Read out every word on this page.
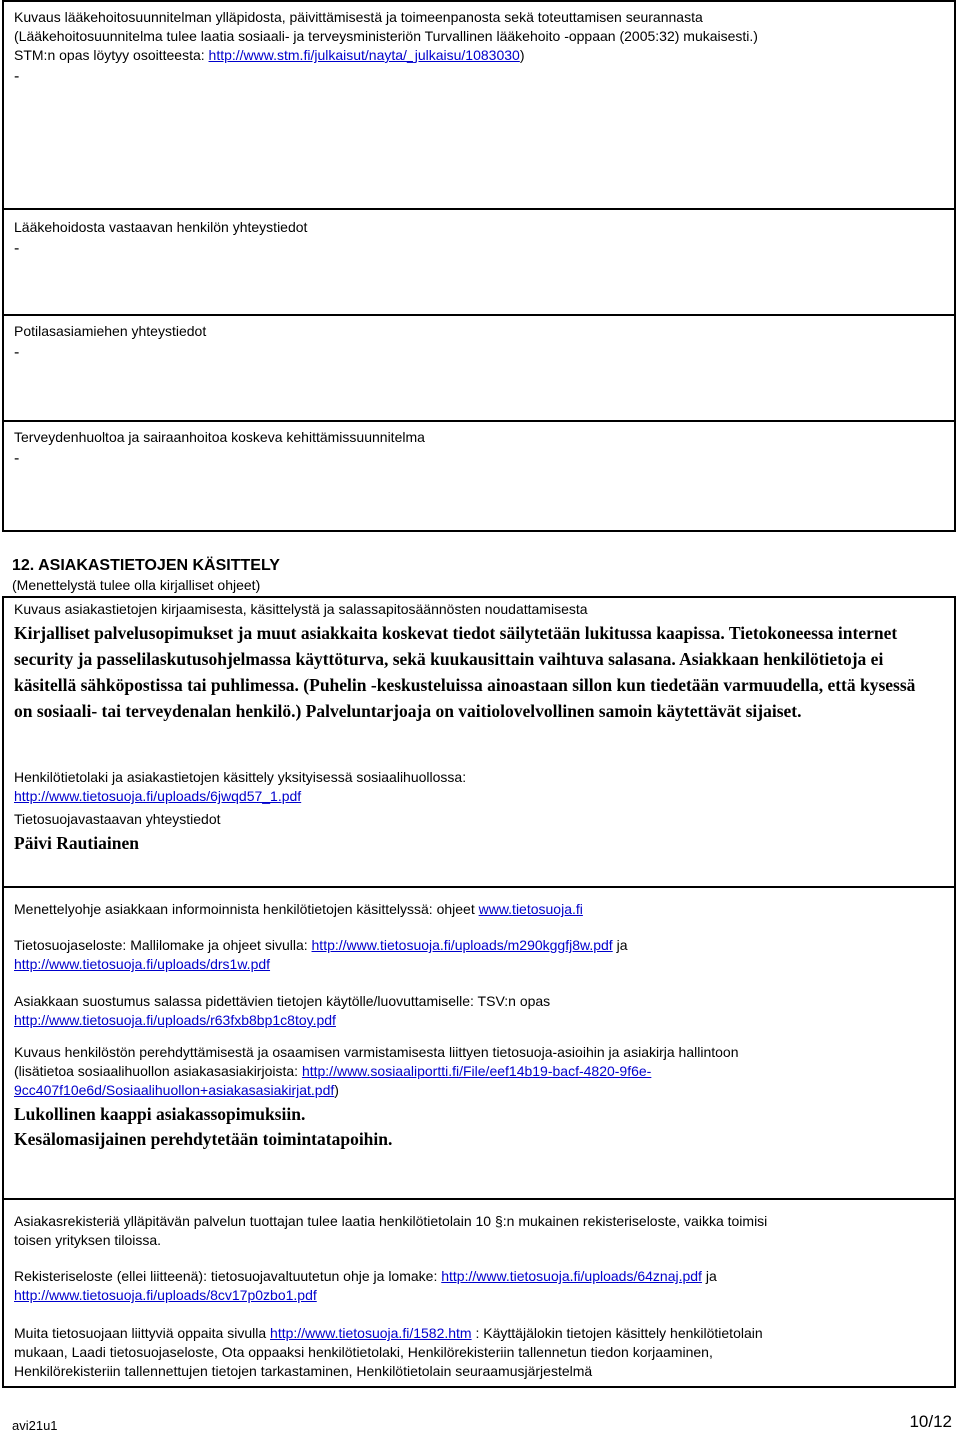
Kuvaus lääkehoitosuunnitelman ylläpidosta, päivittämisestä ja toimeenpanosta sekä toteuttamisen seurannasta
(Lääkehoitosuunnitelma tulee laatia sosiaali- ja terveysministeriön Turvallinen lääkehoito -oppaan (2005:32) mukaisesti.)
STM:n opas löytyy osoitteesta: http://www.stm.fi/julkaisut/nayta/_julkaisu/1083030)
-
Lääkehoidosta vastaavan henkilön yhteystiedot
-
Potilasasiamiehen yhteystiedot
-
Terveydenhuoltoa ja sairaanhoitoa koskeva kehittämissuunnitelma
-
12. ASIAKASTIETOJEN KÄSITTELY
(Menettelystä tulee olla kirjalliset ohjeet)
Kuvaus asiakastietojen kirjaamisesta, käsittelystä ja salassapitosäännösten noudattamisesta
Kirjalliset palvelusopimukset ja muut asiakkaita koskevat tiedot säilytetään lukitussa kaapissa. Tietokoneessa internet security ja passelilaskutusohjelmassa käyttöturva, sekä kuukausittain vaihtuva salasana. Asiakkaan henkilötietoja ei käsitellä sähköpostissa tai puhlimessa. (Puhelin -keskusteluissa ainoastaan sillon kun tiedetään varmuudella, että kysessä on sosiaali- tai terveydenalan henkilö.) Palveluntarjoaja on vaitiolovelvollinen samoin käytettävät sijaiset.
Henkilötietolaki ja asiakastietojen käsittely yksityisessä sosiaalihuollossa:
http://www.tietosuoja.fi/uploads/6jwqd57_1.pdf
Tietosuojavastaavan yhteystiedot
Päivi Rautiainen
Menettelyohje asiakkaan informoinnista henkilötietojen käsittelyssä: ohjeet www.tietosuoja.fi
Tietosuojaseloste: Mallilomake ja ohjeet sivulla: http://www.tietosuoja.fi/uploads/m290kggfj8w.pdf ja
http://www.tietosuoja.fi/uploads/drs1w.pdf
Asiakkaan suostumus salassa pidettävien tietojen käytölle/luovuttamiselle: TSV:n opas
http://www.tietosuoja.fi/uploads/r63fxb8bp1c8toy.pdf
Kuvaus henkilöstön perehdyttämisestä ja osaamisen varmistamisesta liittyen tietosuoja-asioihin ja asiakirja hallintoon
(lisätietoa sosiaalihuollon asiakasasiakirjoista: http://www.sosiaaliportti.fi/File/eef14b19-bacf-4820-9f6e-
9cc407f10e6d/Sosiaalihuollon+asiakasasiakirjat.pdf)
Lukollinen kaappi asiakassopimuksiin.
Kesälomasijainen perehdytetään toimintatapoihin.
Asiakasrekisteriä ylläpitävän palvelun tuottajan tulee laatia henkilötietolain 10 §:n mukainen rekisteriseloste, vaikka toimisi
toisen yrityksen tiloissa.
Rekisteriseloste (ellei liitteenä): tietosuojavaltuutetun ohje ja lomake: http://www.tietosuoja.fi/uploads/64znaj.pdf ja
http://www.tietosuoja.fi/uploads/8cv17p0zbo1.pdf
Muita tietosuojaan liittyviä oppaita sivulla http://www.tietosuoja.fi/1582.htm : Käyttäjälokin tietojen käsittely henkilötietolain
mukaan, Laadi tietosuojaseloste, Ota oppaaksi henkilötietolaki, Henkilörekisteriin tallennetun tiedon korjaaminen,
Henkilörekisteriin tallennettujen tietojen tarkastaminen, Henkilötietolain seuraamusjärjestelmä
avi21u1	10/12
